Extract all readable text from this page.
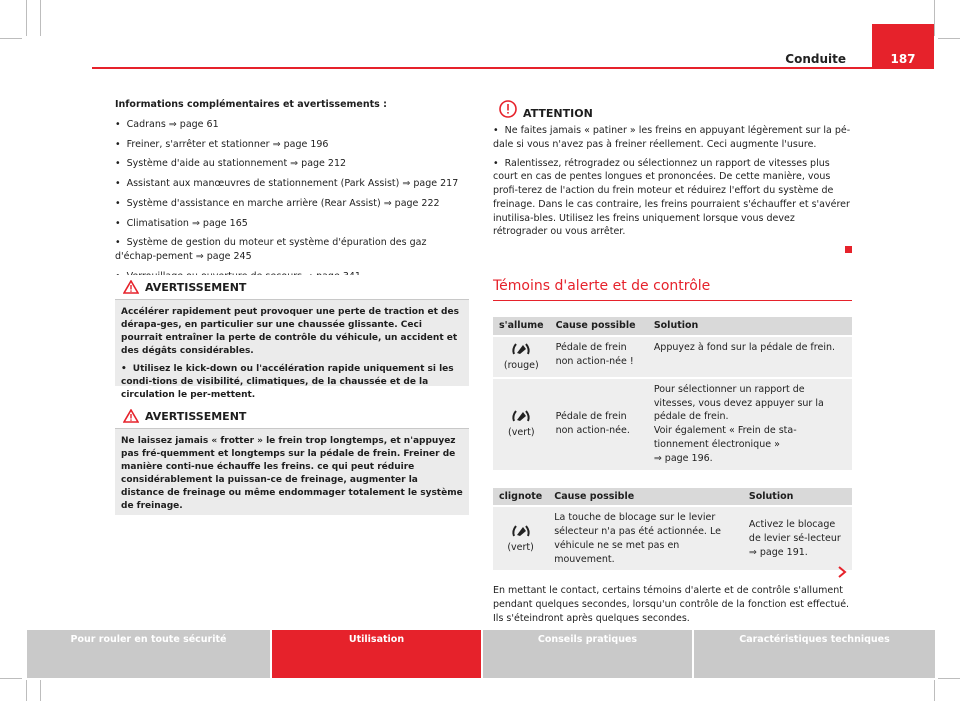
Conduite	187

Informations complémentaires et avertissements :

• Cadrans ⇒ page 61
• Freiner, s'arrêter et stationner ⇒ page 196
• Système d'aide au stationnement ⇒ page 212
• Assistant aux manœuvres de stationnement (Park Assist) ⇒ page 217
• Système d'assistance en marche arrière (Rear Assist) ⇒ page 222
• Climatisation ⇒ page 165
• Système de gestion du moteur et système d'épuration des gaz d'échap-pement ⇒ page 245
AVERTISSEMENT

Accélérer rapidement peut provoquer une perte de traction et des dérapa-ges, en particulier sur une chaussée glissante. Ceci pourrait entraîner la perte de contrôle du véhicule, un accident et des dégâts considérables.

• Utilisez le kick-down ou l'accélération rapide uniquement si les condi-tions de visibilité, climatiques, de la chaussée et de la circulation le per-mettent.

AVERTISSEMENT

Ne laissez jamais « frotter » le frein trop longtemps, et n'appuyez pas fré-quemment et longtemps sur la pédale de frein. Freiner de manière conti-nue échauffe les freins. ce qui peut réduire considérablement la puissan-ce de freinage, augmenter la distance de freinage ou même endommager totalement le système de freinage.

ATTENTION

• Ne faites jamais « patiner » les freins en appuyant légèrement sur la pé-dale si vous n'avez pas à freiner réellement. Ceci augmente l'usure.

• Ralentissez, rétrogradez ou sélectionnez un rapport de vitesses plus court en cas de pentes longues et prononcées. De cette manière, vous profi-terez de l'action du frein moteur et réduirez l'effort du système de freinage. Dans le cas contraire, les freins pourraient s'échauffer et s'avérer inutilisa-bles. Utilisez les freins uniquement lorsque vous devez rétrograder ou vous arrêter.

Témoins d'alerte et de contrôle
s'allume	Cause possible	Solution

(rouge)	Pédale de frein non action-née !	Appuyez à fond sur la pédale de frein.

(vert)	Pédale de frein non action-née.	Pour sélectionner un rapport de vitesses, vous devez appuyer sur la pédale de frein.
Voir également « Frein de sta-tionnement électronique »
⇒ page 196.
clignote	Cause possible	Solution

(vert)	La touche de blocage sur le levier sélecteur n'a pas été actionnée. Le véhicule ne se met pas en mouvement.	Activez le blocage de levier sé-lecteur ⇒ page 191.

En mettant le contact, certains témoins d'alerte et de contrôle s'allument pendant quelques secondes, lorsqu'un contrôle de la fonction est effectué. Ils s'éteindront après quelques secondes.

Pour rouler en toute sécurité	Utilisation	Conseils pratiques	Caractéristiques techniques
